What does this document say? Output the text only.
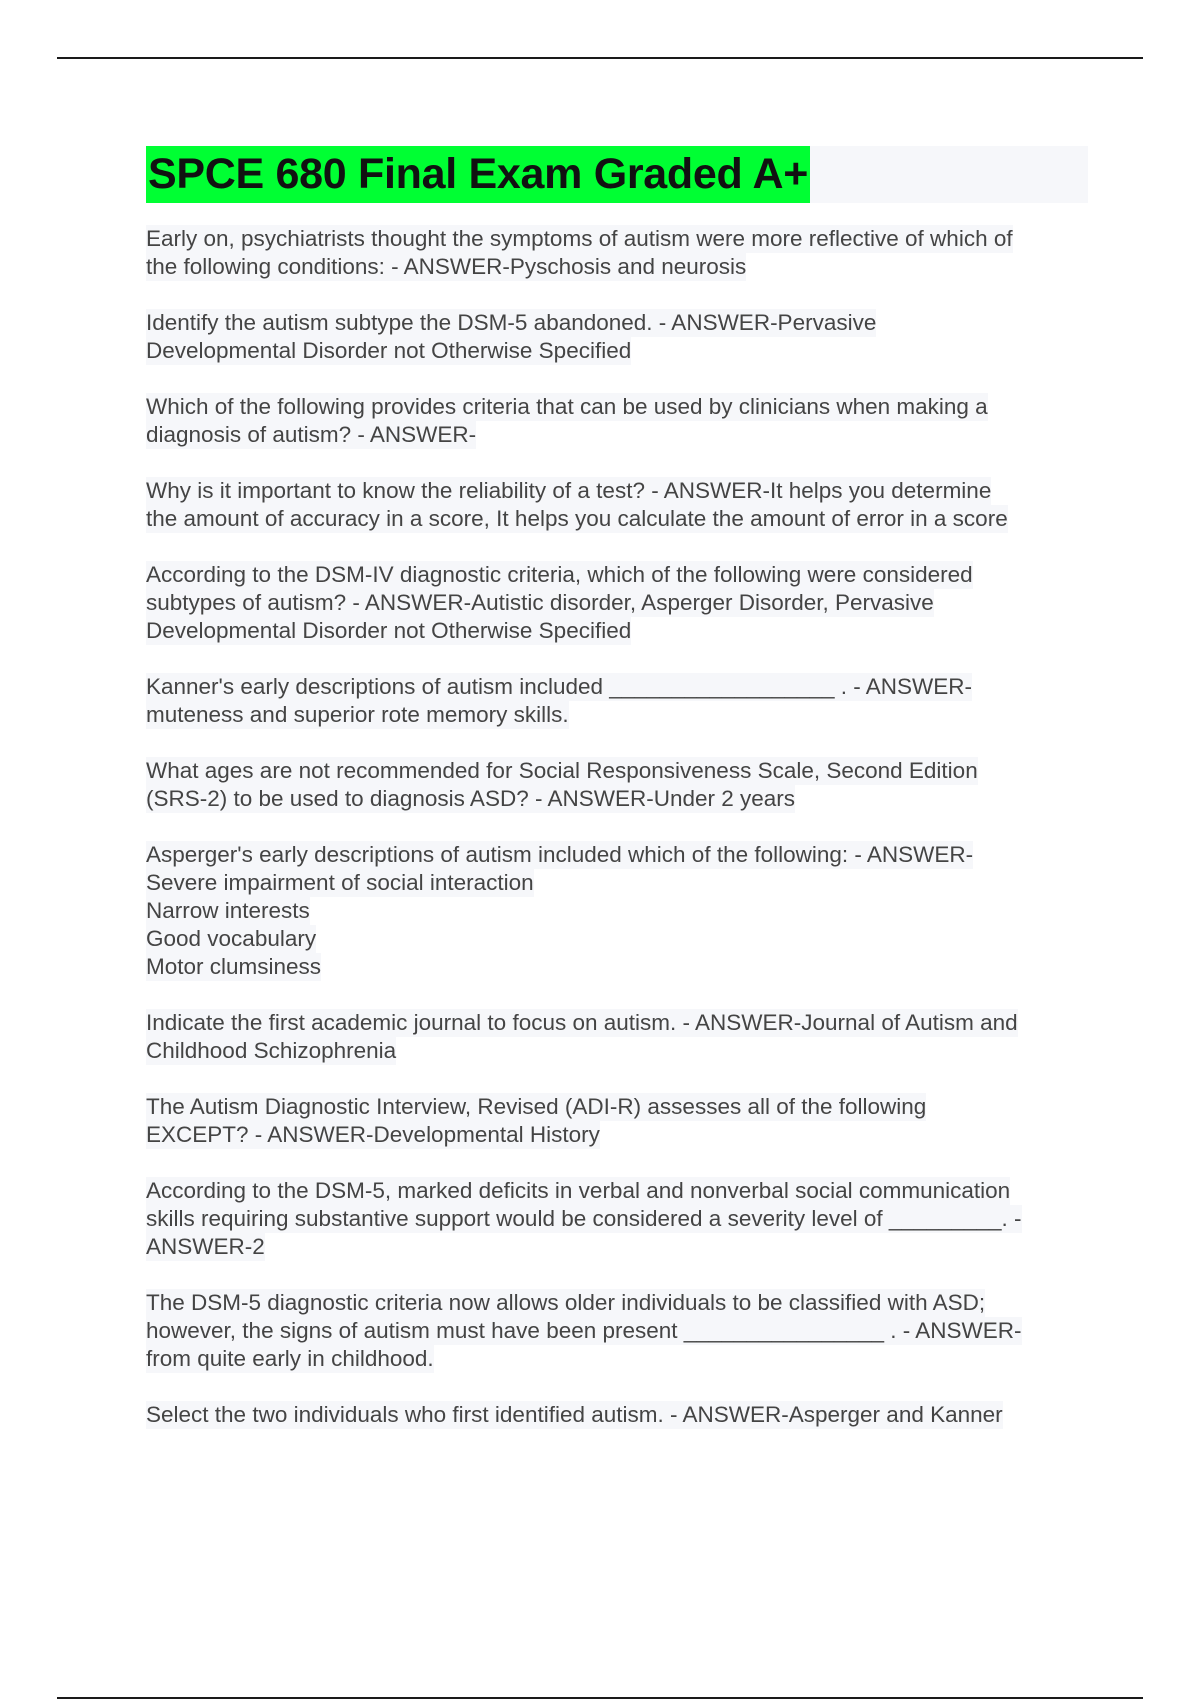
SPCE 680 Final Exam Graded A+
Early on, psychiatrists thought the symptoms of autism were more reflective of which of
the following conditions: - ANSWER-Pyschosis and neurosis
Identify the autism subtype the DSM-5 abandoned. - ANSWER-Pervasive
Developmental Disorder not Otherwise Specified
Which of the following provides criteria that can be used by clinicians when making a
diagnosis of autism? - ANSWER-
Why is it important to know the reliability of a test? - ANSWER-It helps you determine
the amount of accuracy in a score, It helps you calculate the amount of error in a score
According to the DSM-IV diagnostic criteria, which of the following were considered
subtypes of autism? - ANSWER-Autistic disorder, Asperger Disorder, Pervasive
Developmental Disorder not Otherwise Specified
Kanner's early descriptions of autism included __________________ . - ANSWER-
muteness and superior rote memory skills.
What ages are not recommended for Social Responsiveness Scale, Second Edition
(SRS-2) to be used to diagnosis ASD? - ANSWER-Under 2 years
Asperger's early descriptions of autism included which of the following: - ANSWER-
Severe impairment of social interaction
Narrow interests
Good vocabulary
Motor clumsiness
Indicate the first academic journal to focus on autism. - ANSWER-Journal of Autism and
Childhood Schizophrenia
The Autism Diagnostic Interview, Revised (ADI-R) assesses all of the following
EXCEPT? - ANSWER-Developmental History
According to the DSM-5, marked deficits in verbal and nonverbal social communication
skills requiring substantive support would be considered a severity level of _________. -
ANSWER-2
The DSM-5 diagnostic criteria now allows older individuals to be classified with ASD;
however, the signs of autism must have been present ________________ . - ANSWER-
from quite early in childhood.
Select the two individuals who first identified autism. - ANSWER-Asperger and Kanner
